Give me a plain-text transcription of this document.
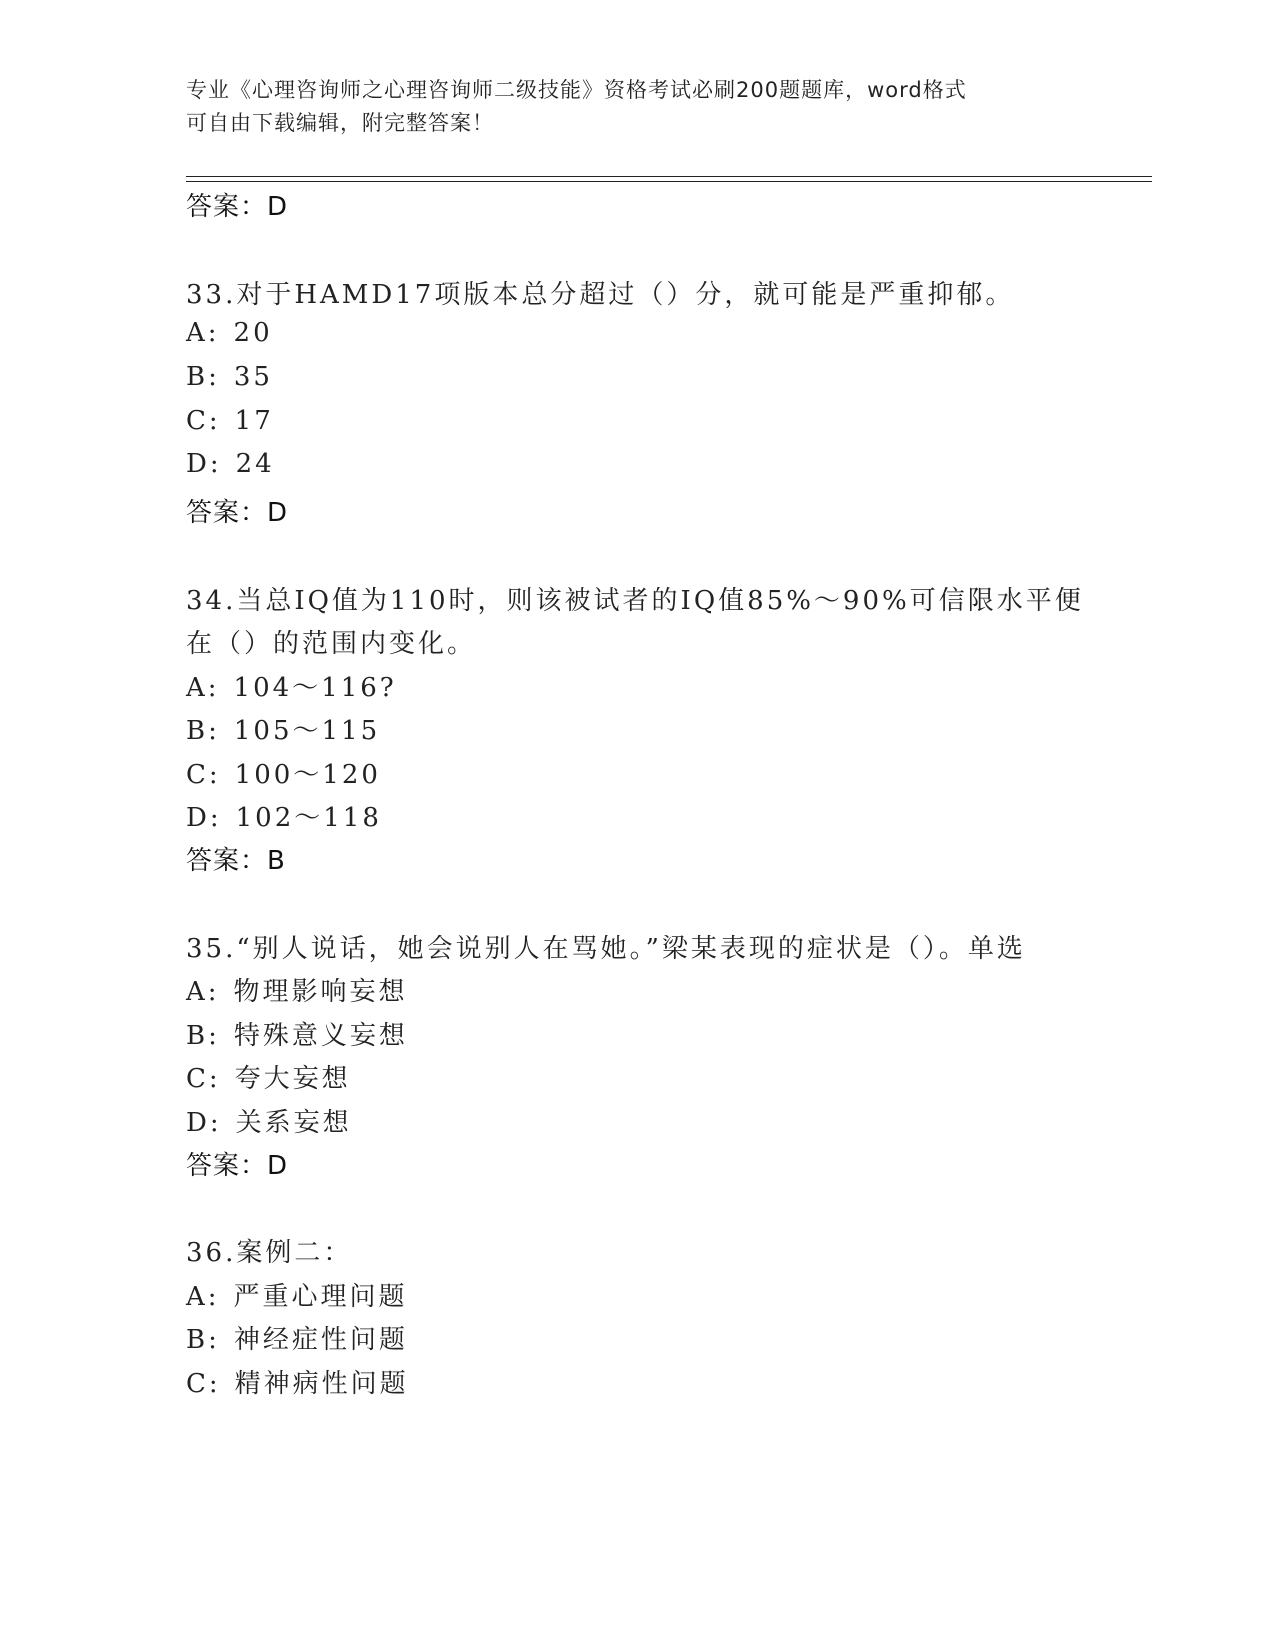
专业《心理咨询师之心理咨询师二级技能》资格考试必刷200题题库，word格式
可自由下载编辑，附完整答案！
答案：D
33.对于HAMD17项版本总分超过（）分，就可能是严重抑郁。
A: 20
B: 35
C: 17
D: 24
答案：D
34.当总IQ值为110时，则该被试者的IQ值85%～90%可信限水平便
在（）的范围内变化。
A: 104～116?
B: 105～115
C: 100～120
D: 102～118
答案：B
35.“别人说话，她会说别人在骂她。”梁某表现的症状是（）。单选
A: 物理影响妄想
B: 特殊意义妄想
C: 夸大妄想
D: 关系妄想
答案：D
36.案例二：
A: 严重心理问题
B: 神经症性问题
C: 精神病性问题
